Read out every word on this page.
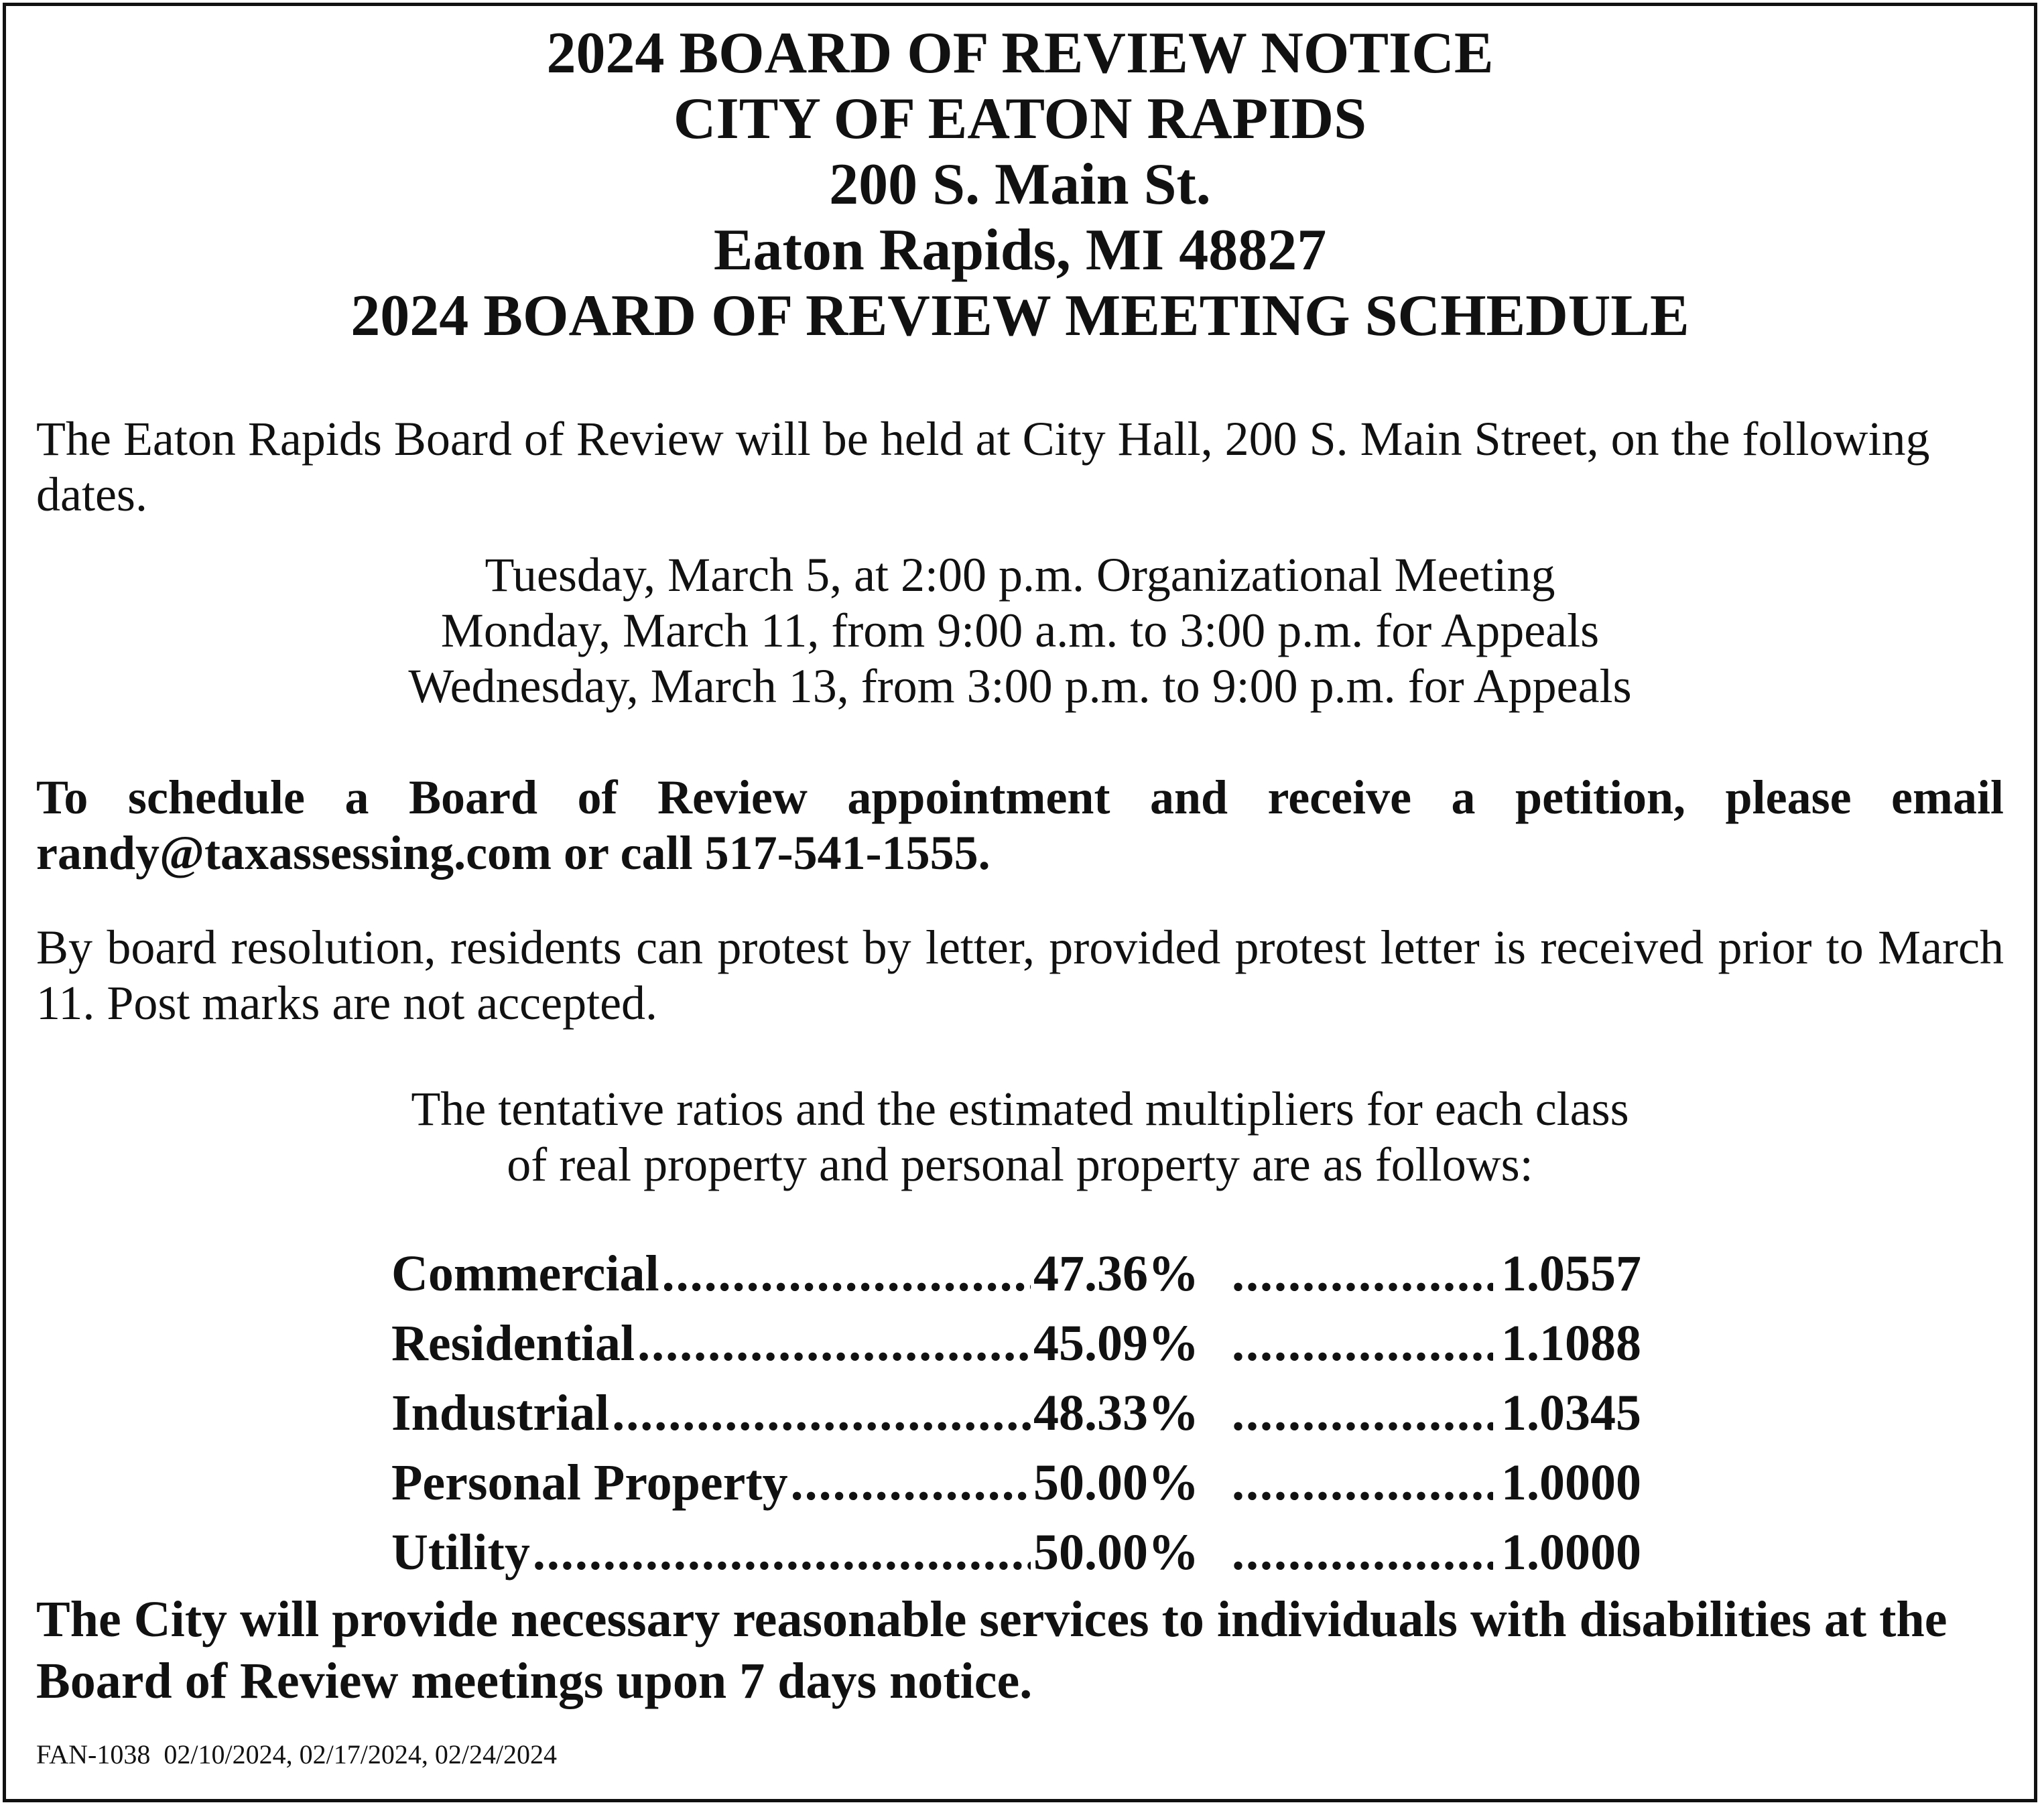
2024 BOARD OF REVIEW NOTICE
CITY OF EATON RAPIDS
200 S. Main St.
Eaton Rapids, MI 48827
2024 BOARD OF REVIEW MEETING SCHEDULE

The Eaton Rapids Board of Review will be held at City Hall, 200 S. Main Street, on the following dates.

Tuesday, March 5, at 2:00 p.m. Organizational Meeting
Monday, March 11, from 9:00 a.m. to 3:00 p.m. for Appeals
Wednesday, March 13, from 3:00 p.m. to 9:00 p.m. for Appeals

To schedule a Board of Review appointment and receive a petition, please email randy@taxassessing.com or call 517-541-1555.

By board resolution, residents can protest by letter, provided protest letter is received prior to March 11. Post marks are not accepted.

The tentative ratios and the estimated multipliers for each class
of real property and personal property are as follows:
Commercial .....	47.36% .....	1.0557
Residential .....	45.09% .....	1.1088
Industrial .....	48.33% .....	1.0345
Personal Property .....	50.00% .....	1.0000
Utility .....	50.00% .....	1.0000

The City will provide necessary reasonable services to individuals with disabilities at the Board of Review meetings upon 7 days notice.

FAN-1038  02/10/2024, 02/17/2024, 02/24/2024
